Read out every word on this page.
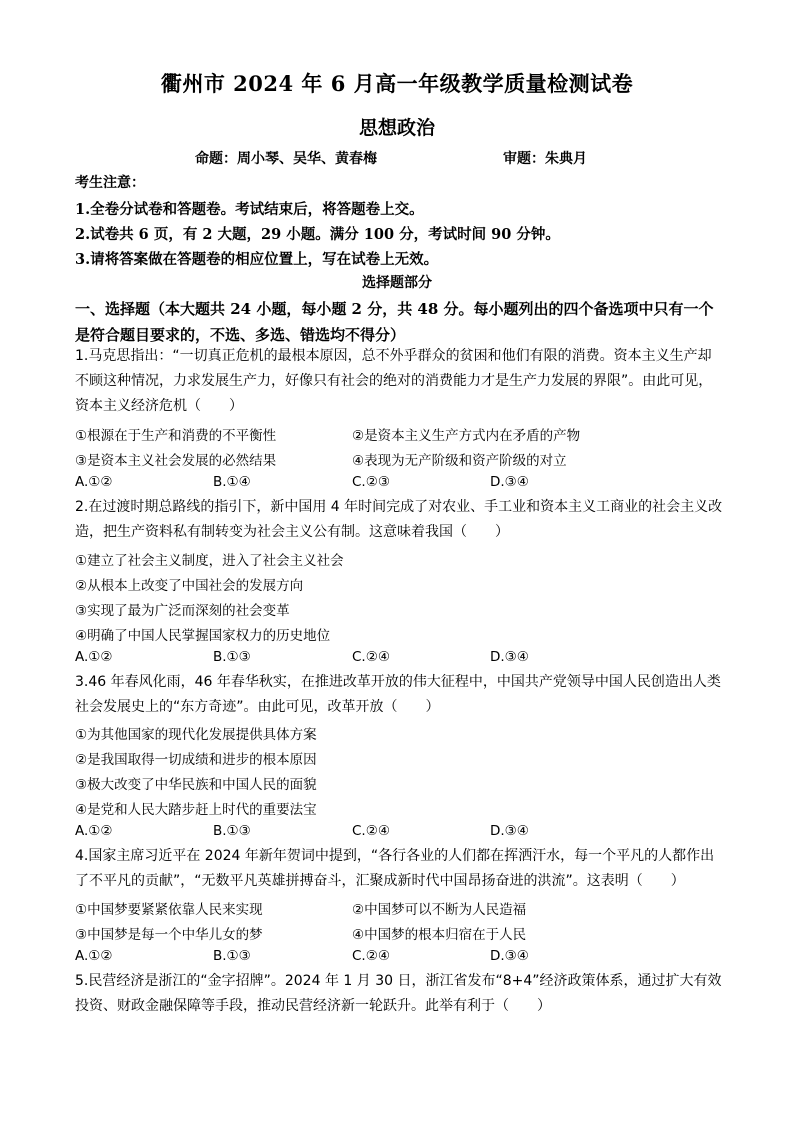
衢州市 2024 年 6 月高一年级教学质量检测试卷
思想政治
命题：周小琴、吴华、黄春梅	审题：朱典月
考生注意：
1.全卷分试卷和答题卷。考试结束后，将答题卷上交。
2.试卷共 6 页，有 2 大题，29 小题。满分 100 分，考试时间 90 分钟。
3.请将答案做在答题卷的相应位置上，写在试卷上无效。
选择题部分
一、选择题（本大题共 24 小题，每小题 2 分，共 48 分。每小题列出的四个备选项中只有一个是符合题目要求的，不选、多选、错选均不得分）
1.马克思指出：“一切真正危机的最根本原因，总不外乎群众的贫困和他们有限的消费。资本主义生产却不顾这种情况，力求发展生产力，好像只有社会的绝对的消费能力才是生产力发展的界限”。由此可见，资本主义经济危机（　　）
①根源在于生产和消费的不平衡性	②是资本主义生产方式内在矛盾的产物
③是资本主义社会发展的必然结果	④表现为无产阶级和资产阶级的对立
A.①②	B.①④	C.②③	D.③④
2.在过渡时期总路线的指引下，新中国用 4 年时间完成了对农业、手工业和资本主义工商业的社会主义改造，把生产资料私有制转变为社会主义公有制。这意味着我国（　　）
①建立了社会主义制度，进入了社会主义社会
②从根本上改变了中国社会的发展方向
③实现了最为广泛而深刻的社会变革
④明确了中国人民掌握国家权力的历史地位
A.①②	B.①③	C.②④	D.③④
3.46 年春风化雨，46 年春华秋实，在推进改革开放的伟大征程中，中国共产党领导中国人民创造出人类社会发展史上的“东方奇迹”。由此可见，改革开放（　　）
①为其他国家的现代化发展提供具体方案
②是我国取得一切成绩和进步的根本原因
③极大改变了中华民族和中国人民的面貌
④是党和人民大踏步赶上时代的重要法宝
A.①②	B.①③	C.②④	D.③④
4.国家主席习近平在 2024 年新年贺词中提到，“各行各业的人们都在挥洒汗水，每一个平凡的人都作出了不平凡的贡献”，“无数平凡英雄拼搏奋斗，汇聚成新时代中国昂扬奋进的洪流”。这表明（　　）
①中国梦要紧紧依靠人民来实现	②中国梦可以不断为人民造福
③中国梦是每一个中华儿女的梦	④中国梦的根本归宿在于人民
A.①②	B.①③	C.②④	D.③④
5.民营经济是浙江的“金字招牌”。2024 年 1 月 30 日，浙江省发布“8+4”经济政策体系，通过扩大有效投资、财政金融保障等手段，推动民营经济新一轮跃升。此举有利于（　　）
